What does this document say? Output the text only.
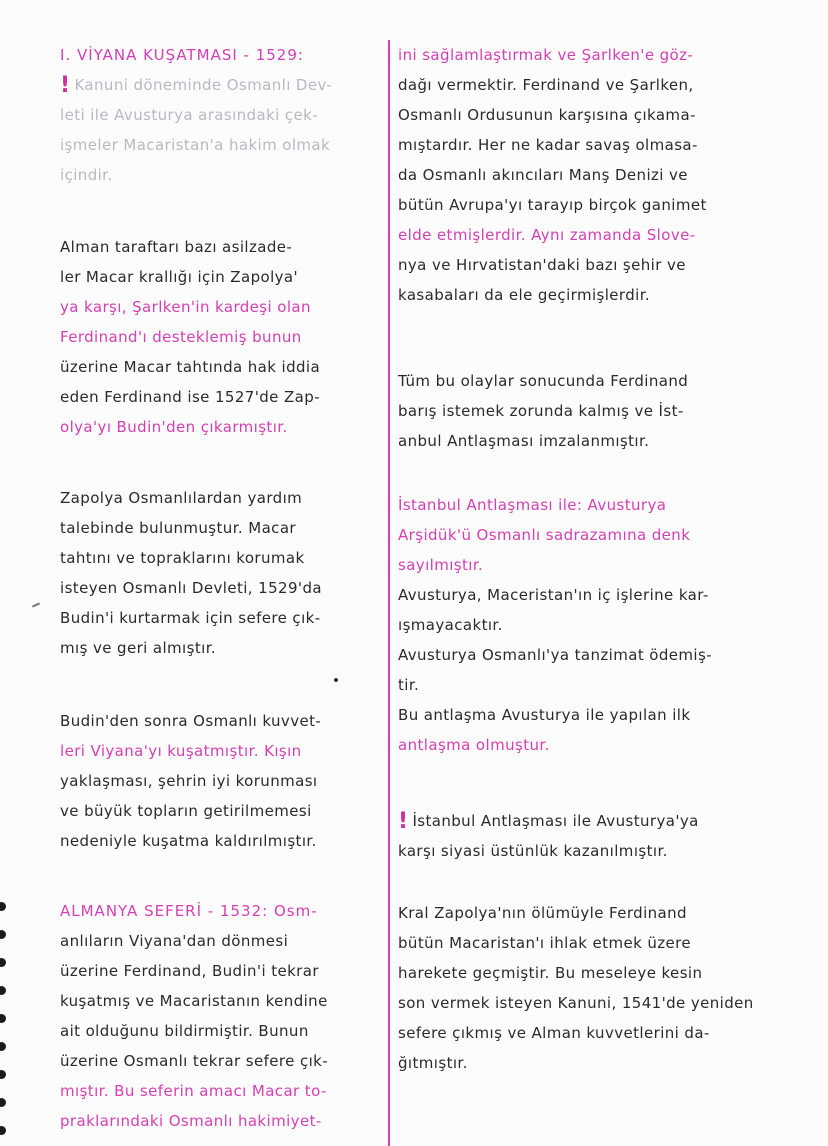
I. VİYANA KUŞATMASI - 1529:
! Kanuni döneminde Osmanlı Dev-
leti ile Avusturya arasındaki çek-
işmeler Macaristan'a hakim olmak
içindir.
Alman taraftarı bazı asilzade-
ler Macar krallığı için Zapolya'
ya karşı, Şarlken'in kardeşi olan
Ferdinand'ı desteklemiş bunun
üzerine Macar tahtında hak iddia
eden Ferdinand ise 1527'de Zap-
olya'yı Budin'den çıkarmıştır.
Zapolya Osmanlılardan yardım
talebinde bulunmuştur. Macar
tahtını ve topraklarını korumak
isteyen Osmanlı Devleti, 1529'da
Budin'i kurtarmak için sefere çık-
mış ve geri almıştır.
Budin'den sonra Osmanlı kuvvet-
leri Viyana'yı kuşatmıştır. Kışın
yaklaşması, şehrin iyi korunması
ve büyük topların getirilmemesi
nedeniyle kuşatma kaldırılmıştır.
ALMANYA SEFERİ - 1532: Osm-
anlıların Viyana'dan dönmesi
üzerine Ferdinand, Budin'i tekrar
kuşatmış ve Macaristanın kendine
ait olduğunu bildirmiştir. Bunun
üzerine Osmanlı tekrar sefere çık-
mıştır. Bu seferin amacı Macar to-
praklarındaki Osmanlı hakimiyet-
ini sağlamlaştırmak ve Şarlken'e göz-
dağı vermektir. Ferdinand ve Şarlken,
Osmanlı Ordusunun karşısına çıkama-
mıştardır. Her ne kadar savaş olmasa-
da Osmanlı akıncıları Manş Denizi ve
bütün Avrupa'yı tarayıp birçok ganimet
elde etmişlerdir. Aynı zamanda Slove-
nya ve Hırvatistan'daki bazı şehir ve
kasabaları da ele geçirmişlerdir.
Tüm bu olaylar sonucunda Ferdinand
barış istemek zorunda kalmış ve İst-
anbul Antlaşması imzalanmıştır.
İstanbul Antlaşması ile: Avusturya
Arşidük'ü Osmanlı sadrazamına denk
sayılmıştır.
Avusturya, Maceristan'ın iç işlerine kar-
ışmayacaktır.
Avusturya Osmanlı'ya tanzimat ödemiş-
tir.
Bu antlaşma Avusturya ile yapılan ilk
antlaşma olmuştur.
! İstanbul Antlaşması ile Avusturya'ya
karşı siyasi üstünlük kazanılmıştır.
Kral Zapolya'nın ölümüyle Ferdinand
bütün Macaristan'ı ihlak etmek üzere
harekete geçmiştir. Bu meseleye kesin
son vermek isteyen Kanuni, 1541'de yeniden
sefere çıkmış ve Alman kuvvetlerini da-
ğıtmıştır.
